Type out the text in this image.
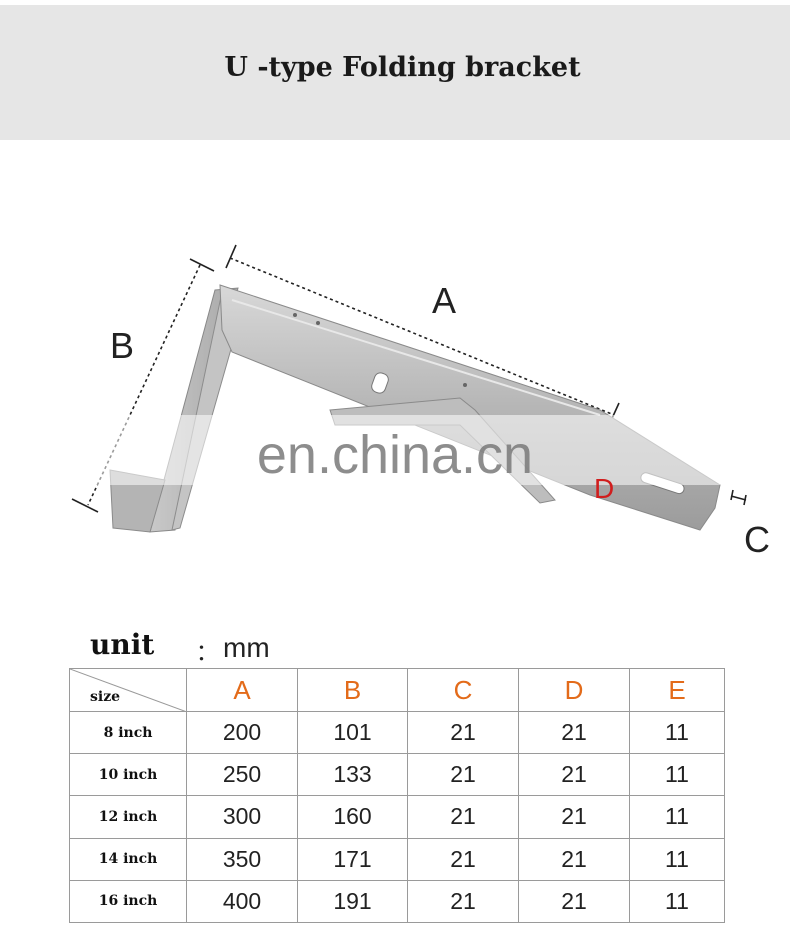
U -type Folding bracket
en.china.cn
A
B
C
D
unit ： mm
size	A	B	C	D	E
8 inch	200	101	21	21	11
10 inch	250	133	21	21	11
12 inch	300	160	21	21	11
14 inch	350	171	21	21	11
16 inch	400	191	21	21	11
